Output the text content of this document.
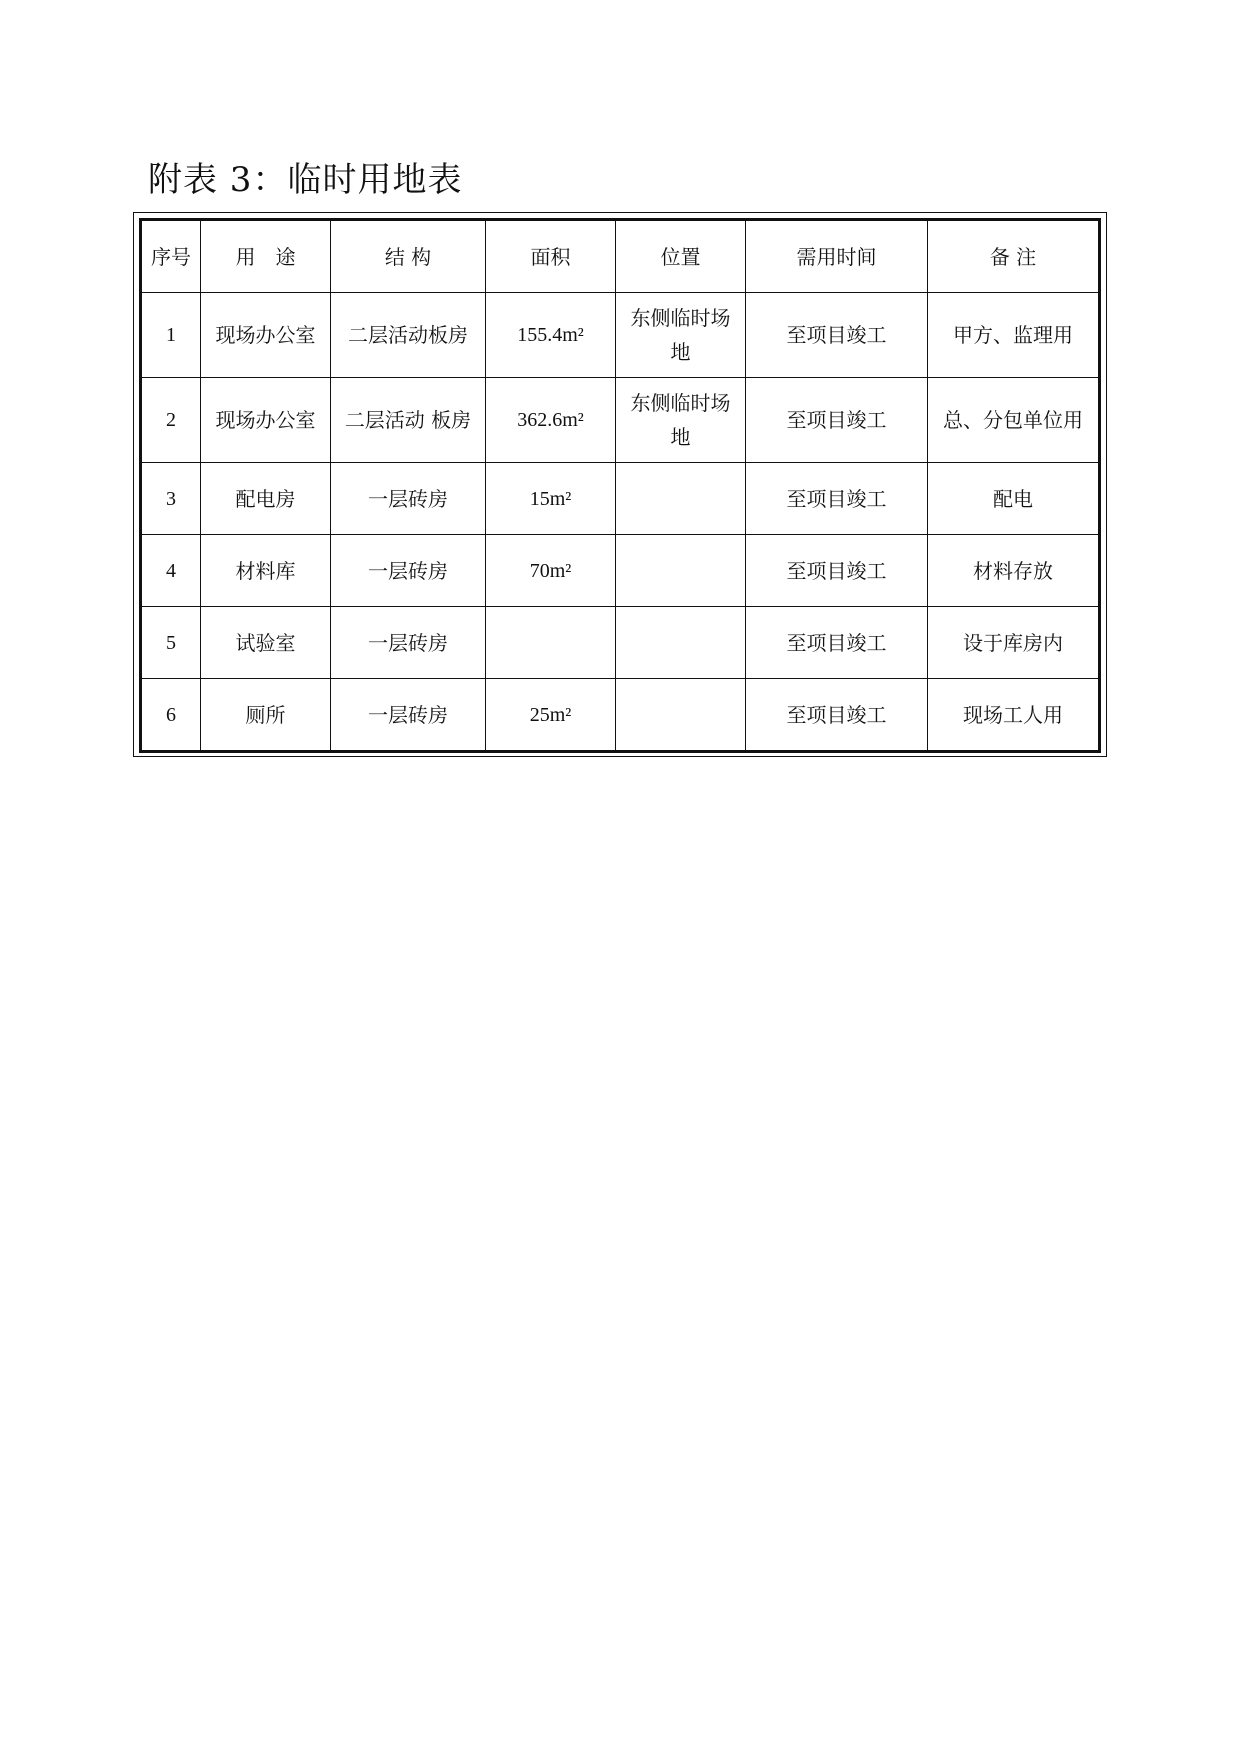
附表 3：临时用地表
序号	用　途	结 构	面积	位置	需用时间	备 注
1	现场办公室	二层活动板房	155.4m²	东侧临时场地	至项目竣工	甲方、监理用
2	现场办公室	二层活动 板房	362.6m²	东侧临时场地	至项目竣工	总、分包单位用
3	配电房	一层砖房	15m²		至项目竣工	配电
4	材料库	一层砖房	70m²		至项目竣工	材料存放
5	试验室	一层砖房			至项目竣工	设于库房内
6	厕所	一层砖房	25m²		至项目竣工	现场工人用
